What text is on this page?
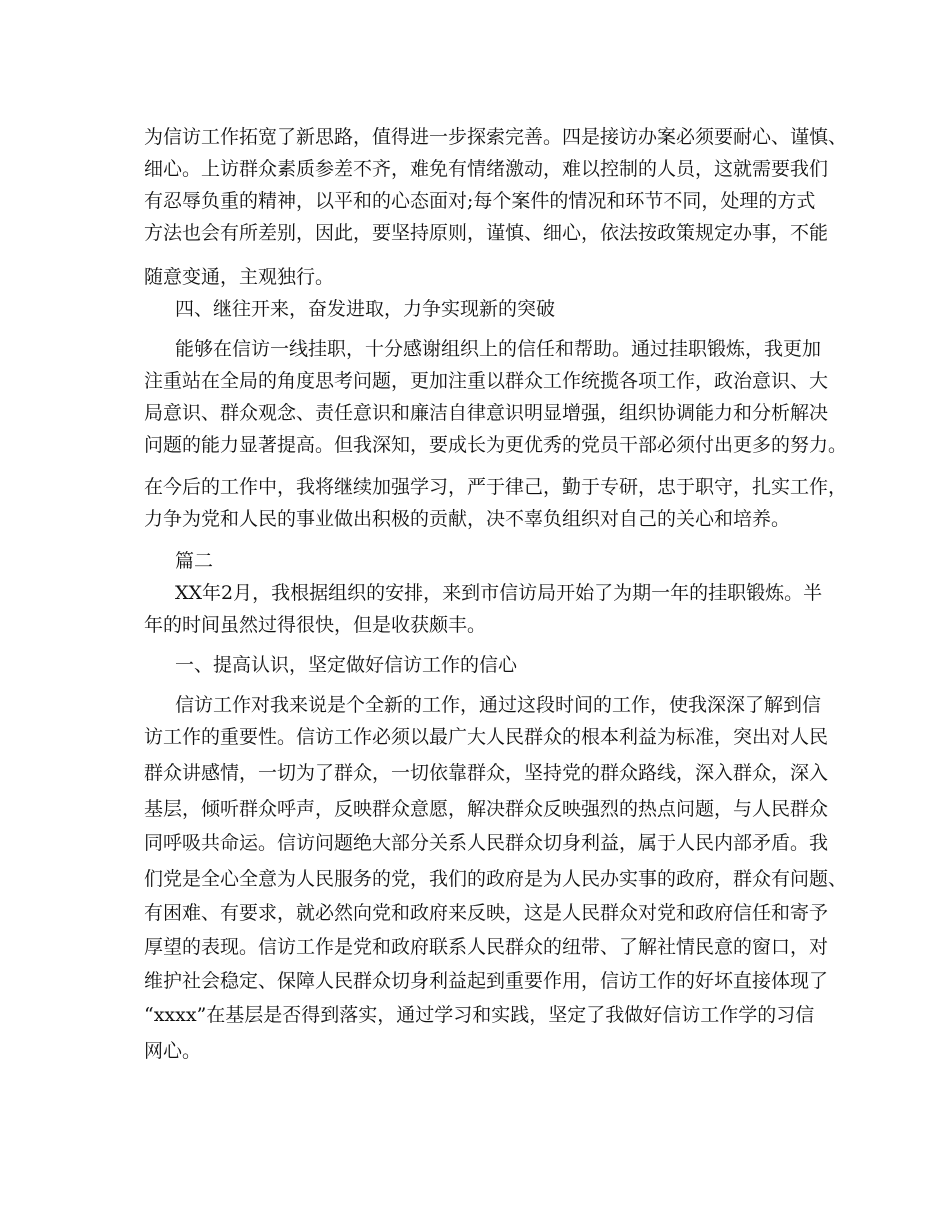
为信访工作拓宽了新思路，值得进一步探索完善。四是接访办案必须要耐心、谨慎、
细心。上访群众素质参差不齐，难免有情绪激动，难以控制的人员，这就需要我们
有忍辱负重的精神，以平和的心态面对;每个案件的情况和环节不同，处理的方式
方法也会有所差别，因此，要坚持原则，谨慎、细心，依法按政策规定办事，不能
随意变通，主观独行。
四、继往开来，奋发进取，力争实现新的突破
能够在信访一线挂职，十分感谢组织上的信任和帮助。通过挂职锻炼，我更加
注重站在全局的角度思考问题，更加注重以群众工作统揽各项工作，政治意识、大
局意识、群众观念、责任意识和廉洁自律意识明显增强，组织协调能力和分析解决
问题的能力显著提高。但我深知，要成长为更优秀的党员干部必须付出更多的努力。
在今后的工作中，我将继续加强学习，严于律己，勤于专研，忠于职守，扎实工作，
力争为党和人民的事业做出积极的贡献，决不辜负组织对自己的关心和培养。
篇二
XX年2月，我根据组织的安排，来到市信访局开始了为期一年的挂职锻炼。半
年的时间虽然过得很快，但是收获颇丰。
一、提高认识，坚定做好信访工作的信心
信访工作对我来说是个全新的工作，通过这段时间的工作，使我深深了解到信
访工作的重要性。信访工作必须以最广大人民群众的根本利益为标准，突出对人民
群众讲感情，一切为了群众，一切依靠群众，坚持党的群众路线，深入群众，深入
基层，倾听群众呼声，反映群众意愿，解决群众反映强烈的热点问题，与人民群众
同呼吸共命运。信访问题绝大部分关系人民群众切身利益，属于人民内部矛盾。我
们党是全心全意为人民服务的党，我们的政府是为人民办实事的政府，群众有问题、
有困难、有要求，就必然向党和政府来反映，这是人民群众对党和政府信任和寄予
厚望的表现。信访工作是党和政府联系人民群众的纽带、了解社情民意的窗口，对
维护社会稳定、保障人民群众切身利益起到重要作用，信访工作的好坏直接体现了
“xxxx”在基层是否得到落实，通过学习和实践，坚定了我做好信访工作学的习信
网心。
